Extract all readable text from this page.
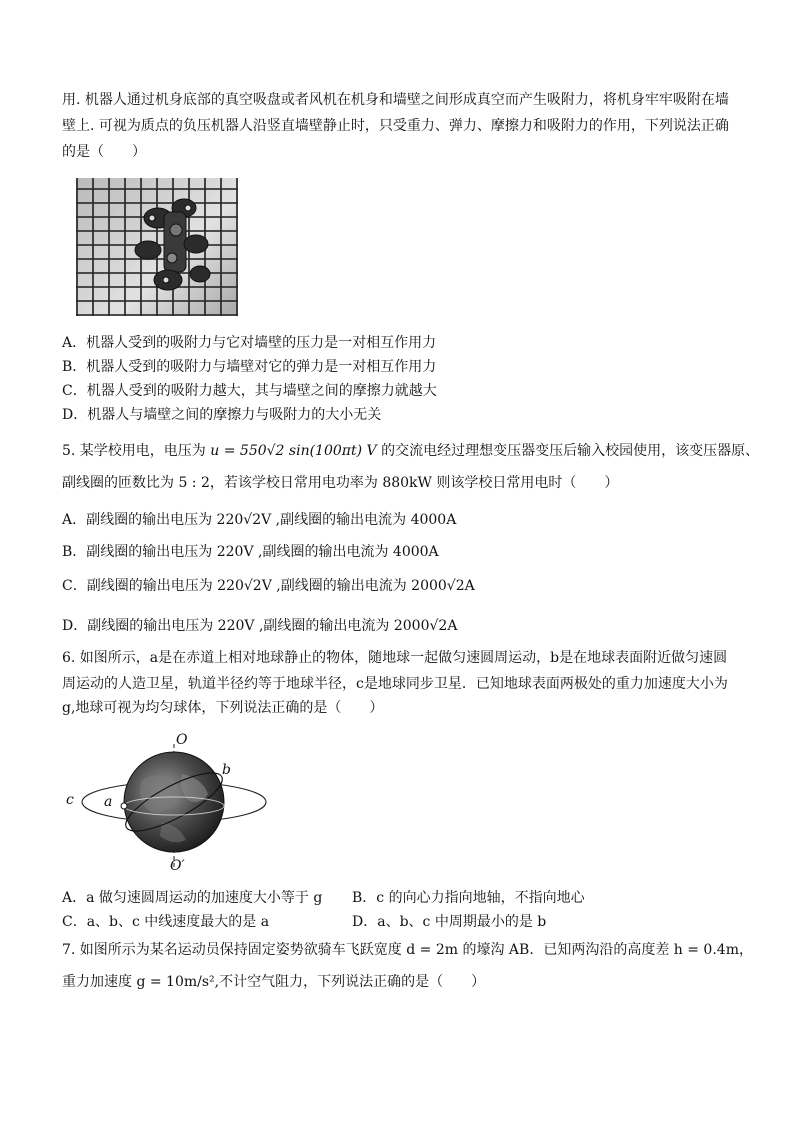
用. 机器人通过机身底部的真空吸盘或者风机在机身和墙壁之间形成真空而产生吸附力，将机身牢牢吸附在墙
壁上. 可视为质点的负压机器人沿竖直墙壁静止时，只受重力、弹力、摩擦力和吸附力的作用，下列说法正确
的是（　　）
A．机器人受到的吸附力与它对墙壁的压力是一对相互作用力
B．机器人受到的吸附力与墙壁对它的弹力是一对相互作用力
C．机器人受到的吸附力越大，其与墙壁之间的摩擦力就越大
D．机器人与墙壁之间的摩擦力与吸附力的大小无关
5. 某学校用电，电压为 u = 550√2 sin(100πt) V 的交流电经过理想变压器变压后输入校园使用，该变压器原、
副线圈的匝数比为 5 : 2，若该学校日常用电功率为 880kW 则该学校日常用电时（　　）
A．副线圈的输出电压为 220√2V ,副线圈的输出电流为 4000A
B．副线圈的输出电压为 220V ,副线圈的输出电流为 4000A
C．副线圈的输出电压为 220√2V ,副线圈的输出电流为 2000√2A
D．副线圈的输出电压为 220V ,副线圈的输出电流为 2000√2A
6. 如图所示，a是在赤道上相对地球静止的物体，随地球一起做匀速圆周运动，b是在地球表面附近做匀速圆
周运动的人造卫星，轨道半径约等于地球半径，c是地球同步卫星．已知地球表面两极处的重力加速度大小为
g,地球可视为均匀球体，下列说法正确的是（　　）
O
O′
a
b
c
A．a 做匀速圆周运动的加速度大小等于 g B．c 的向心力指向地轴，不指向地心
C．a、b、c 中线速度最大的是 a	D．a、b、c 中周期最小的是 b
7. 如图所示为某名运动员保持固定姿势欲骑车飞跃宽度 d = 2m 的壕沟 AB．已知两沟沿的高度差 h = 0.4m，
重力加速度 g = 10m/s²,不计空气阻力，下列说法正确的是（　　）
